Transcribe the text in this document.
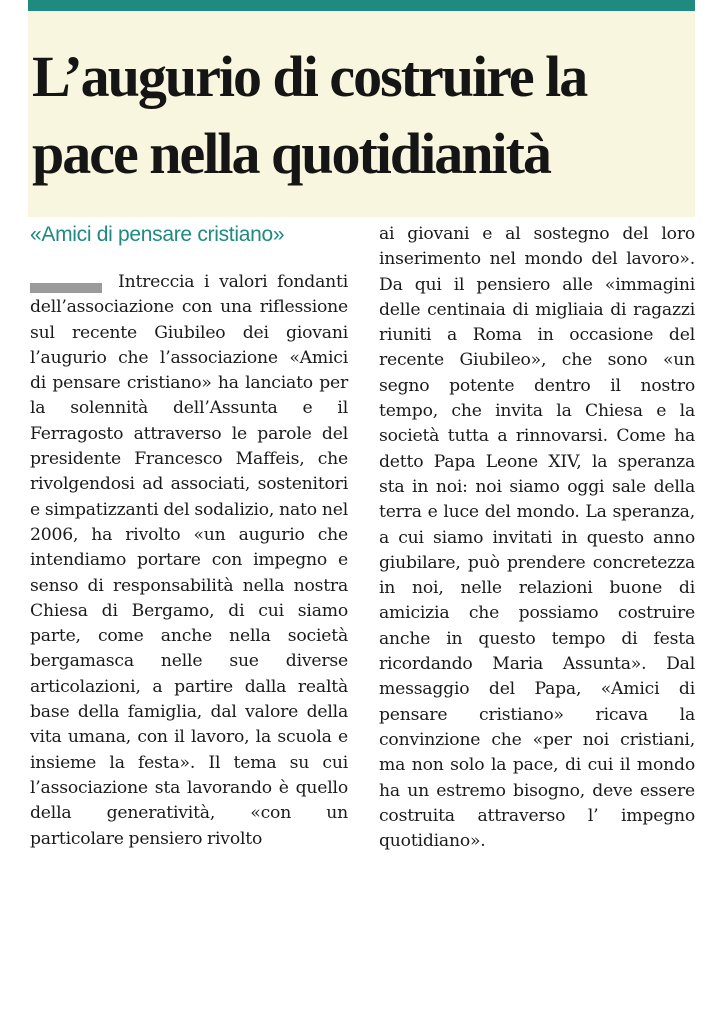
L’augurio di costruire la pace nella quotidianità
«Amici di pensare cristiano»
Intreccia i valori fondanti dell’associazione con una riflessione sul recente Giubileo dei giovani l’augurio che l’associazione «Amici di pensare cristiano» ha lanciato per la solennità dell’Assunta e il Ferragosto attraverso le parole del presidente Francesco Maffeis, che rivolgendosi ad associati, sostenitori e simpatizzanti del sodalizio, nato nel 2006, ha rivolto «un augurio che intendiamo portare con impegno e senso di responsabilità nella nostra Chiesa di Bergamo, di cui siamo parte, come anche nella società bergamasca nelle sue diverse articolazioni, a partire dalla realtà base della famiglia, dal valore della vita umana, con il lavoro, la scuola e insieme la festa». Il tema su cui l’associazione sta lavorando è quello della generatività, «con un particolare pensiero rivolto
ai giovani e al sostegno del loro inserimento nel mondo del lavoro». Da qui il pensiero alle «immagini delle centinaia di migliaia di ragazzi riuniti a Roma in occasione del recente Giubileo», che sono «un segno potente dentro il nostro tempo, che invita la Chiesa e la società tutta a rinnovarsi. Come ha detto Papa Leone XIV, la speranza sta in noi: noi siamo oggi sale della terra e luce del mondo. La speranza, a cui siamo invitati in questo anno giubilare, può prendere concretezza in noi, nelle relazioni buone di amicizia che possiamo costruire anche in questo tempo di festa ricordando Maria Assunta». Dal messaggio del Papa, «Amici di pensare cristiano» ricava la convinzione che «per noi cristiani, ma non solo la pace, di cui il mondo ha un estremo bisogno, deve essere costruita attraverso l’ impegno quotidiano».
